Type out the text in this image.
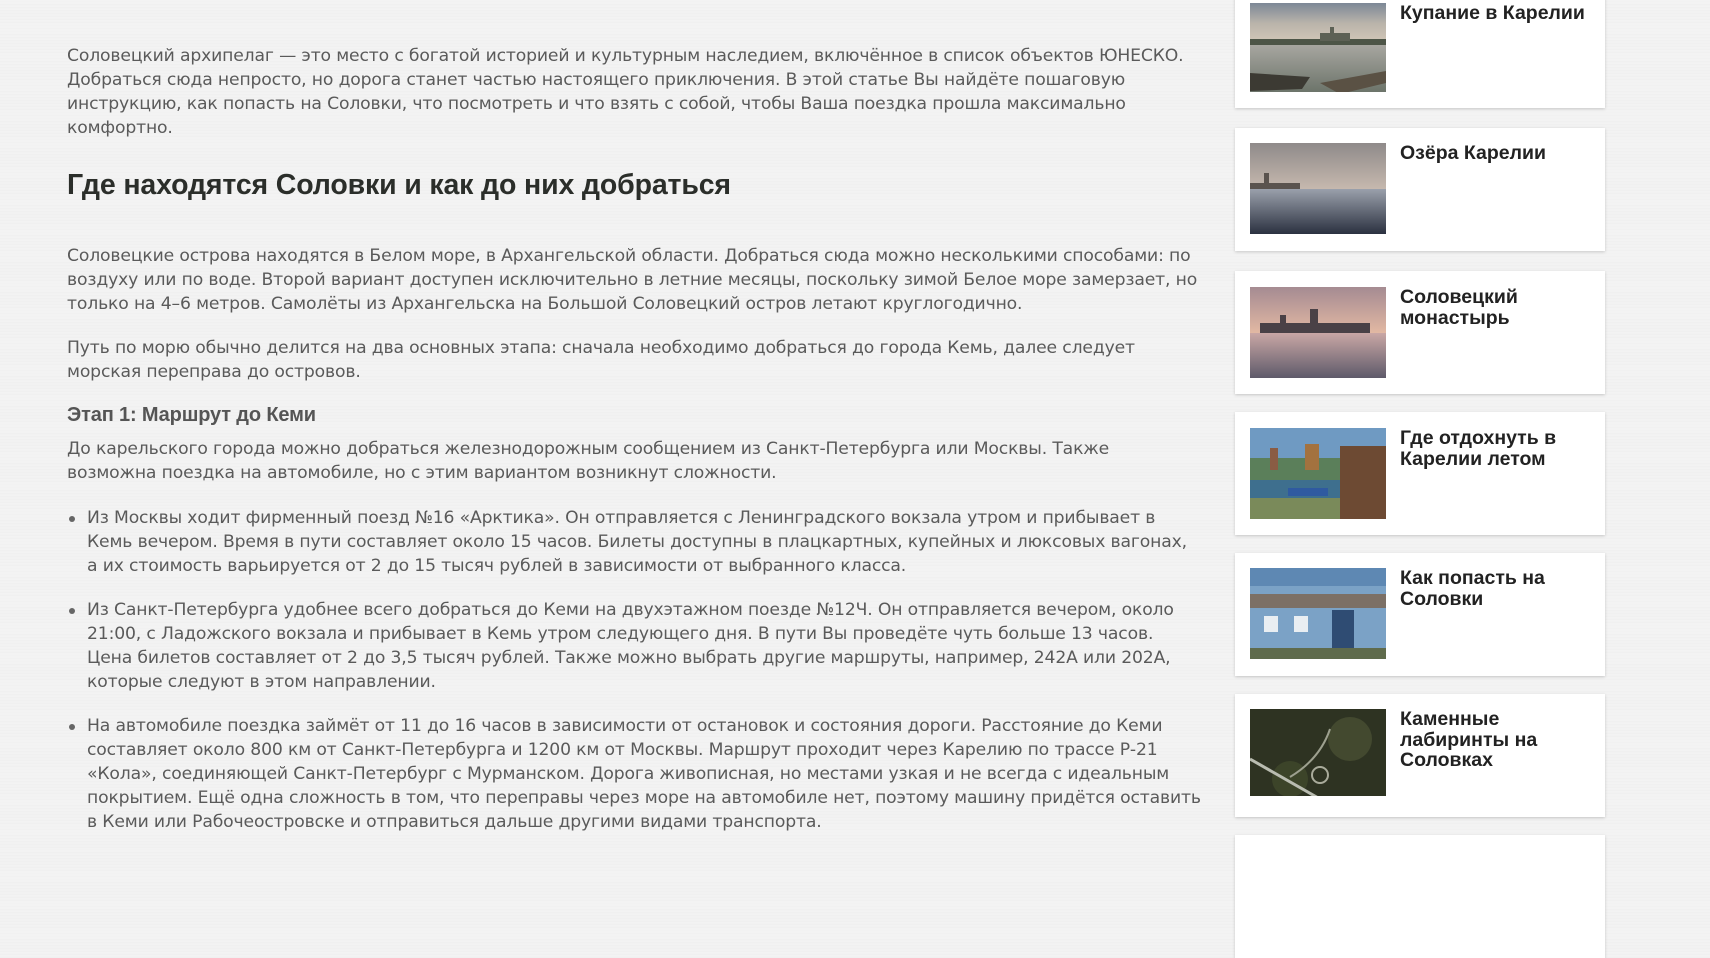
Соловецкий архипелаг — это место с богатой историей и культурным наследием, включённое в список объектов ЮНЕСКО. Добраться сюда непросто, но дорога станет частью настоящего приключения. В этой статье Вы найдёте пошаговую инструкцию, как попасть на Соловки, что посмотреть и что взять с собой, чтобы Ваша поездка прошла максимально комфортно.

Где находятся Соловки и как до них добраться

Соловецкие острова находятся в Белом море, в Архангельской области. Добраться сюда можно несколькими способами: по воздуху или по воде. Второй вариант доступен исключительно в летние месяцы, поскольку зимой Белое море замерзает, но только на 4–6 метров. Самолёты из Архангельска на Большой Соловецкий остров летают круглогодично.

Путь по морю обычно делится на два основных этапа: сначала необходимо добраться до города Кемь, далее следует морская переправа до островов.

Этап 1: Маршрут до Кеми

До карельского города можно добраться железнодорожным сообщением из Санкт-Петербурга или Москвы. Также возможна поездка на автомобиле, но с этим вариантом возникнут сложности.

Из Москвы ходит фирменный поезд №16 «Арктика». Он отправляется с Ленинградского вокзала утром и прибывает в Кемь вечером. Время в пути составляет около 15 часов. Билеты доступны в плацкартных, купейных и люксовых вагонах, а их стоимость варьируется от 2 до 15 тысяч рублей в зависимости от выбранного класса.
Из Санкт-Петербурга удобнее всего добраться до Кеми на двухэтажном поезде №12Ч. Он отправляется вечером, около 21:00, с Ладожского вокзала и прибывает в Кемь утром следующего дня. В пути Вы проведёте чуть больше 13 часов. Цена билетов составляет от 2 до 3,5 тысяч рублей. Также можно выбрать другие маршруты, например, 242А или 202А, которые следуют в этом направлении.
На автомобиле поездка займёт от 11 до 16 часов в зависимости от остановок и состояния дороги. Расстояние до Кеми составляет около 800 км от Санкт-Петербурга и 1200 км от Москвы. Маршрут проходит через Карелию по трассе Р-21 «Кола», соединяющей Санкт-Петербург с Мурманском. Дорога живописная, но местами узкая и не всегда с идеальным покрытием. Ещё одна сложность в том, что переправы через море на автомобиле нет, поэтому машину придётся оставить в Кеми или Рабочеостровске и отправиться дальше другими видами транспорта.
Купание в Карелии
Озёра Карелии
Соловецкий монастырь
Где отдохнуть в Карелии летом
Как попасть на Соловки
Каменные лабиринты на Соловках
